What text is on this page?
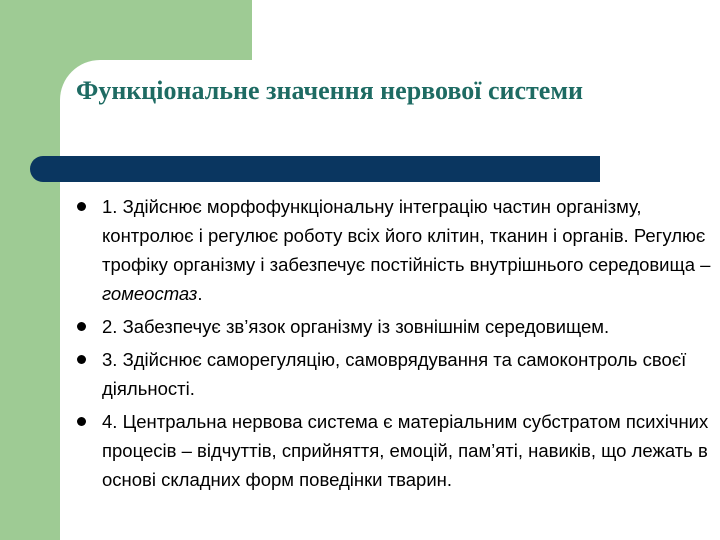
Функціональне значення нервової системи
1. Здійснює морфофункціональну інтеграцію частин організму, контролює і регулює роботу всіх його клітин, тканин і органів. Регулює трофіку організму і забезпечує постійність внутрішнього середовища – гомеостаз.
2. Забезпечує зв’язок організму із зовнішнім середовищем.
3. Здійснює саморегуляцію, самоврядування та самоконтроль своєї діяльності.
4. Центральна нервова система є матеріальним субстратом психічних процесів – відчуттів, сприйняття, емоцій, пам’яті, навиків, що лежать в основі складних форм поведінки тварин.
